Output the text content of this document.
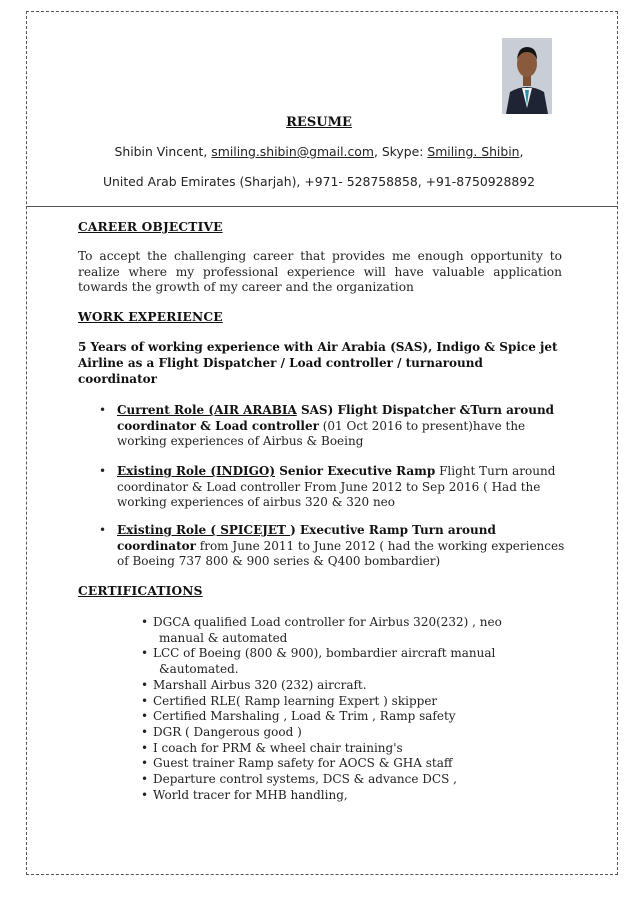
RESUME
Shibin Vincent, smiling.shibin@gmail.com, Skype: Smiling. Shibin,
United Arab Emirates (Sharjah), +971- 528758858, +91-8750928892
CAREER OBJECTIVE
To accept the challenging career that provides me enough opportunity to realize where my professional experience will have valuable application towards the growth of my career and the organization
WORK EXPERIENCE
5 Years of working experience with Air Arabia (SAS), Indigo & Spice jet
Airline as a Flight Dispatcher / Load controller / turnaround
coordinator
• Current Role (AIR ARABIA SAS) Flight Dispatcher &Turn around coordinator & Load controller (01 Oct 2016 to present)have the working experiences of Airbus & Boeing
• Existing Role (INDIGO) Senior Executive Ramp Flight Turn around coordinator & Load controller From June 2012 to Sep 2016 ( Had the working experiences of airbus 320 & 320 neo
• Existing Role ( SPICEJET ) Executive Ramp Turn around coordinator from June 2011 to June 2012 ( had the working experiences of Boeing 737 800 & 900 series & Q400 bombardier)
CERTIFICATIONS
• DGCA qualified Load controller for Airbus 320(232) , neo
manual & automated
• LCC of Boeing (800 & 900), bombardier aircraft manual
&automated.
• Marshall Airbus 320 (232) aircraft.
• Certified RLE( Ramp learning Expert ) skipper
• Certified Marshaling , Load & Trim , Ramp safety
• DGR ( Dangerous good )
• I coach for PRM & wheel chair training's
• Guest trainer Ramp safety for AOCS & GHA staff
• Departure control systems, DCS & advance DCS ,
• World tracer for MHB handling,
